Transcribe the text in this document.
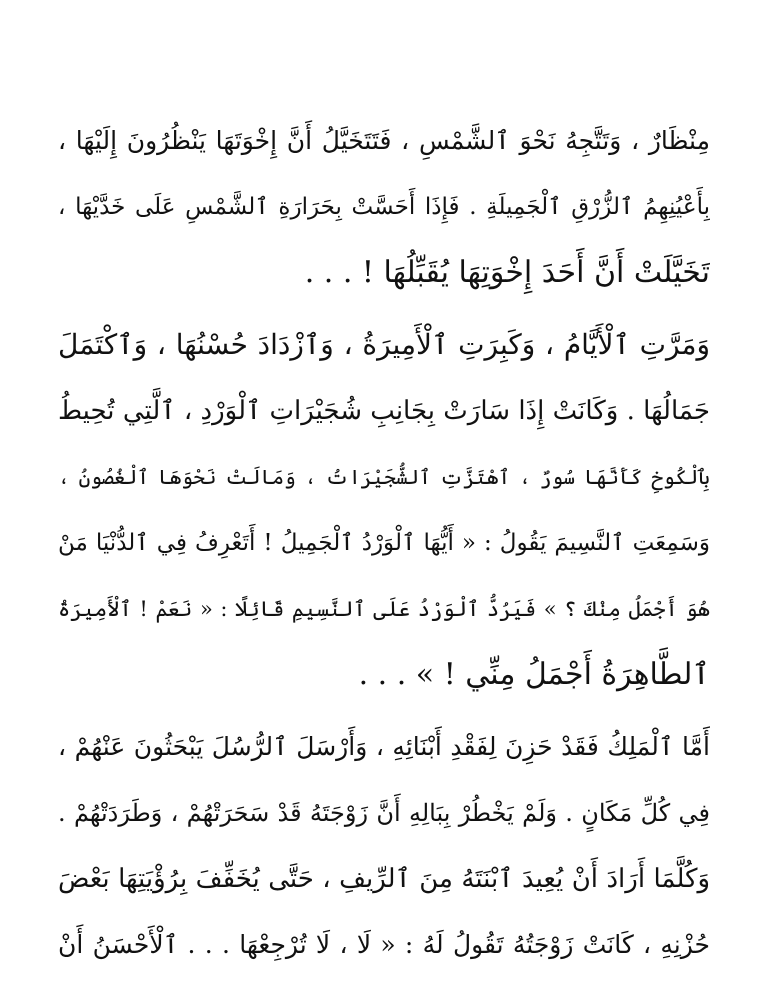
مِنْظَارٌ ، وَتَتَّجِهُ نَحْوَ ٱلشَّمْسِ ، فَتَتَخَيَّلُ أَنَّ إِخْوَتَهَا يَنْظُرُونَ إِلَيْهَا ،
بِأَعْيُنِهِمُ ٱلزُّرْقِ ٱلْجَمِيلَةِ . فَإِذَا أَحَسَّتْ بِحَرَارَةِ ٱلشَّمْسِ عَلَى خَدَّيْهَا ،
تَخَيَّلَتْ أَنَّ أَحَدَ إِخْوَتِهَا يُقَبِّلُهَا ! . . .
وَمَرَّتِ ٱلْأَيَّامُ ، وَكَبِرَتِ ٱلْأَمِيرَةُ ، وَٱزْدَادَ حُسْنُهَا ، وَٱكْتَمَلَ
جَمَالُهَا . وَكَانَتْ إِذَا سَارَتْ بِجَانِبِ شُجَيْرَاتِ ٱلْوَرْدِ ، ٱلَّتِي تُحِيطُ
بِٱلْكُوخِ كَأَنَّهَا سُورٌ ، ٱهْتَزَّتِ ٱلشُّجَيْرَاتُ ، وَمَالَتْ نَحْوَهَا ٱلْغُصُونُ ،
وَسَمِعَتِ ٱلنَّسِيمَ يَقُولُ : « أَيُّهَا ٱلْوَرْدُ ٱلْجَمِيلُ ! أَتَعْرِفُ فِي ٱلدُّنْيَا مَنْ
هُوَ أَجْمَلُ مِنْكَ ؟ » فَيَرُدُّ ٱلْوَرْدُ عَلَى ٱلنَّسِيمِ قَائِلًا : « نَعَمْ ! ٱلْأَمِيرَةُ
ٱلطَّاهِرَةُ أَجْمَلُ مِنِّي ! » . . .
أَمَّا ٱلْمَلِكُ فَقَدْ حَزِنَ لِفَقْدِ أَبْنَائِهِ ، وَأَرْسَلَ ٱلرُّسُلَ يَبْحَثُونَ عَنْهُمْ ،
فِي كُلِّ مَكَانٍ . وَلَمْ يَخْطُرْ بِبَالِهِ أَنَّ زَوْجَتَهُ قَدْ سَحَرَتْهُمْ ، وَطَرَدَتْهُمْ .
وَكُلَّمَا أَرَادَ أَنْ يُعِيدَ ٱبْنَتَهُ مِنَ ٱلرِّيفِ ، حَتَّى يُخَفِّفَ بِرُؤْيَتِهَا بَعْضَ
حُزْنِهِ ، كَانَتْ زَوْجَتُهُ تَقُولُ لَهُ : « لَا ، لَا تُرْجِعْهَا . . . ٱلْأَحْسَنُ أَنْ
